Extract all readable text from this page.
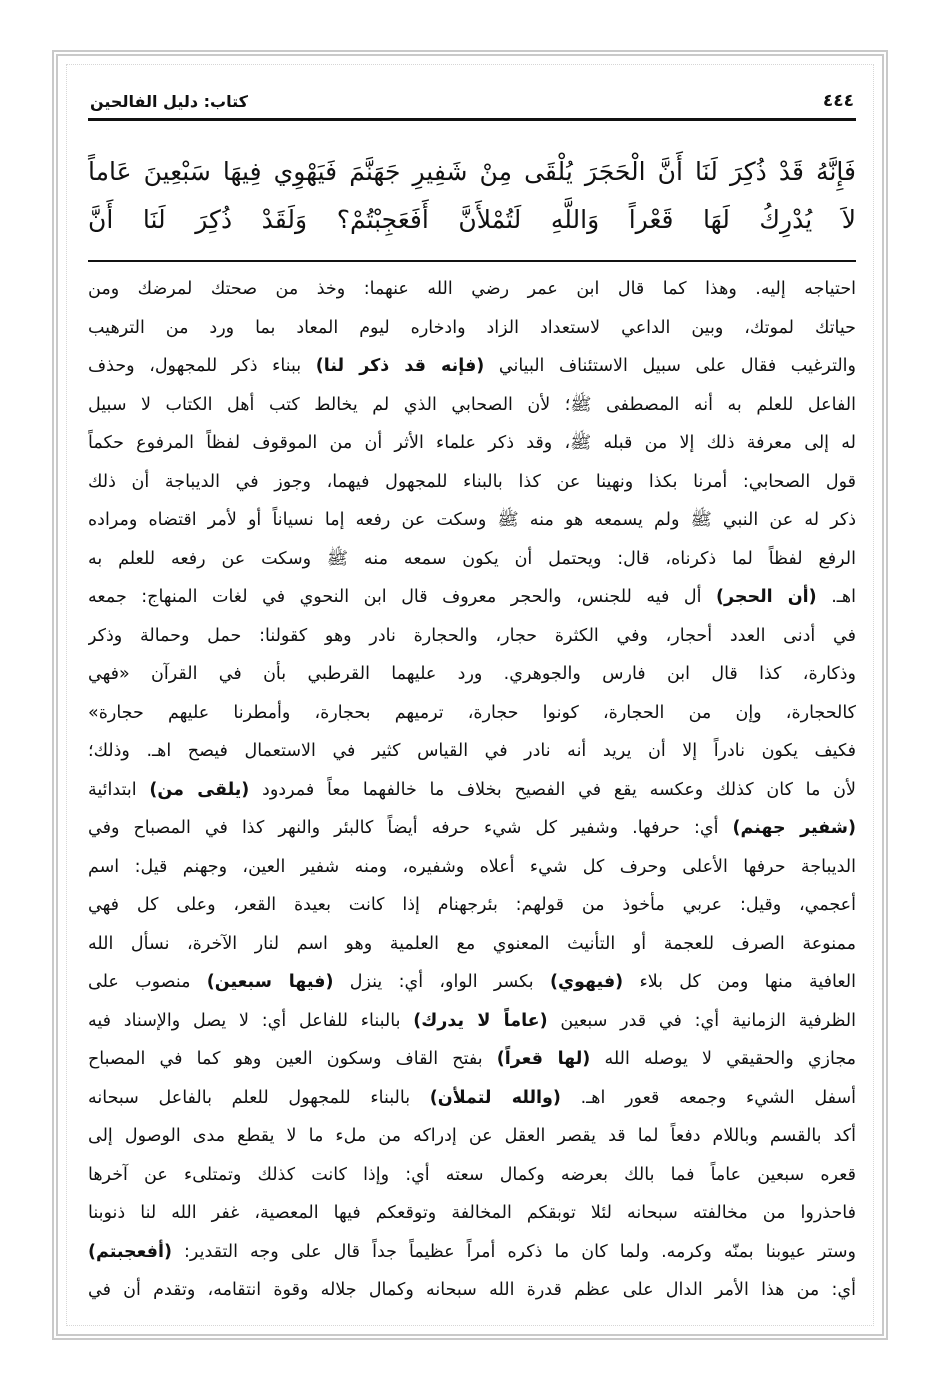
كتاب: دليل الفالحين	٤٤٤
فَإِنَّهُ قَدْ ذُكِرَ لَنَا أَنَّ الْحَجَرَ يُلْقَى مِنْ شَفِيرِ جَهَنَّمَ فَيَهْوِي فِيهَا سَبْعِينَ عَاماً
لاَ يُدْرِكُ لَهَا قَعْراً وَاللَّهِ لَتُمْلأَنَّ أَفَعَجِبْتُمْ؟ وَلَقَدْ ذُكِرَ لَنَا أَنَّ
احتياجه إليه. وهذا كما قال ابن عمر رضي الله عنهما: وخذ من صحتك لمرضك ومن
حياتك لموتك، وبين الداعي لاستعداد الزاد وادخاره ليوم المعاد بما ورد من الترهيب
والترغيب فقال على سبيل الاستئناف البياني (فإنه قد ذكر لنا) ببناء ذكر للمجهول، وحذف
الفاعل للعلم به أنه المصطفى ﷺ؛ لأن الصحابي الذي لم يخالط كتب أهل الكتاب لا سبيل
له إلى معرفة ذلك إلا من قبله ﷺ، وقد ذكر علماء الأثر أن من الموقوف لفظاً المرفوع حكماً
قول الصحابي: أمرنا بكذا ونهينا عن كذا بالبناء للمجهول فيهما، وجوز في الديباجة أن ذلك
ذكر له عن النبي ﷺ ولم يسمعه هو منه ﷺ وسكت عن رفعه إما نسياناً أو لأمر اقتضاه ومراده
الرفع لفظاً لما ذكرناه، قال: ويحتمل أن يكون سمعه منه ﷺ وسكت عن رفعه للعلم به
اهـ. (أن الحجر) أل فيه للجنس، والحجر معروف قال ابن النحوي في لغات المنهاج: جمعه
في أدنى العدد أحجار، وفي الكثرة حجار، والحجارة نادر وهو كقولنا: حمل وحمالة وذكر
وذكارة، كذا قال ابن فارس والجوهري. ورد عليهما القرطبي بأن في القرآن «فهي
كالحجارة، وإن من الحجارة، كونوا حجارة، ترميهم بحجارة، وأمطرنا عليهم حجارة»
فكيف يكون نادراً إلا أن يريد أنه نادر في القياس كثير في الاستعمال فيصح اهـ. وذلك؛
لأن ما كان كذلك وعكسه يقع في الفصيح بخلاف ما خالفهما معاً فمردود (يلقى من) ابتدائية
(شفير جهنم) أي: حرفها. وشفير كل شيء حرفه أيضاً كالبئر والنهر كذا في المصباح وفي
الديباجة حرفها الأعلى وحرف كل شيء أعلاه وشفيره، ومنه شفير العين، وجهنم قيل: اسم
أعجمي، وقيل: عربي مأخوذ من قولهم: بئرجهنام إذا كانت بعيدة القعر، وعلى كل فهي
ممنوعة الصرف للعجمة أو التأنيث المعنوي مع العلمية وهو اسم لنار الآخرة، نسأل الله
العافية منها ومن كل بلاء (فيهوي) بكسر الواو، أي: ينزل (فيها سبعين) منصوب على
الظرفية الزمانية أي: في قدر سبعين (عاماً لا يدرك) بالبناء للفاعل أي: لا يصل والإسناد فيه
مجازي والحقيقي لا يوصله الله (لها قعراً) بفتح القاف وسكون العين وهو كما في المصباح
أسفل الشيء وجمعه قعور اهـ. (والله لتملأن) بالبناء للمجهول للعلم بالفاعل سبحانه
أكد بالقسم وباللام دفعاً لما قد يقصر العقل عن إدراكه من ملء ما لا يقطع مدى الوصول إلى
قعره سبعين عاماً فما بالك بعرضه وكمال سعته أي: وإذا كانت كذلك وتمتلىء عن آخرها
فاحذروا من مخالفته سبحانه لئلا توبقكم المخالفة وتوقعكم فيها المعصية، غفر الله لنا ذنوبنا
وستر عيوبنا بمنّه وكرمه. ولما كان ما ذكره أمراً عظيماً جداً قال على وجه التقدير: (أفعجبتم)
أي: من هذا الأمر الدال على عظم قدرة الله سبحانه وكمال جلاله وقوة انتقامه، وتقدم أن في
